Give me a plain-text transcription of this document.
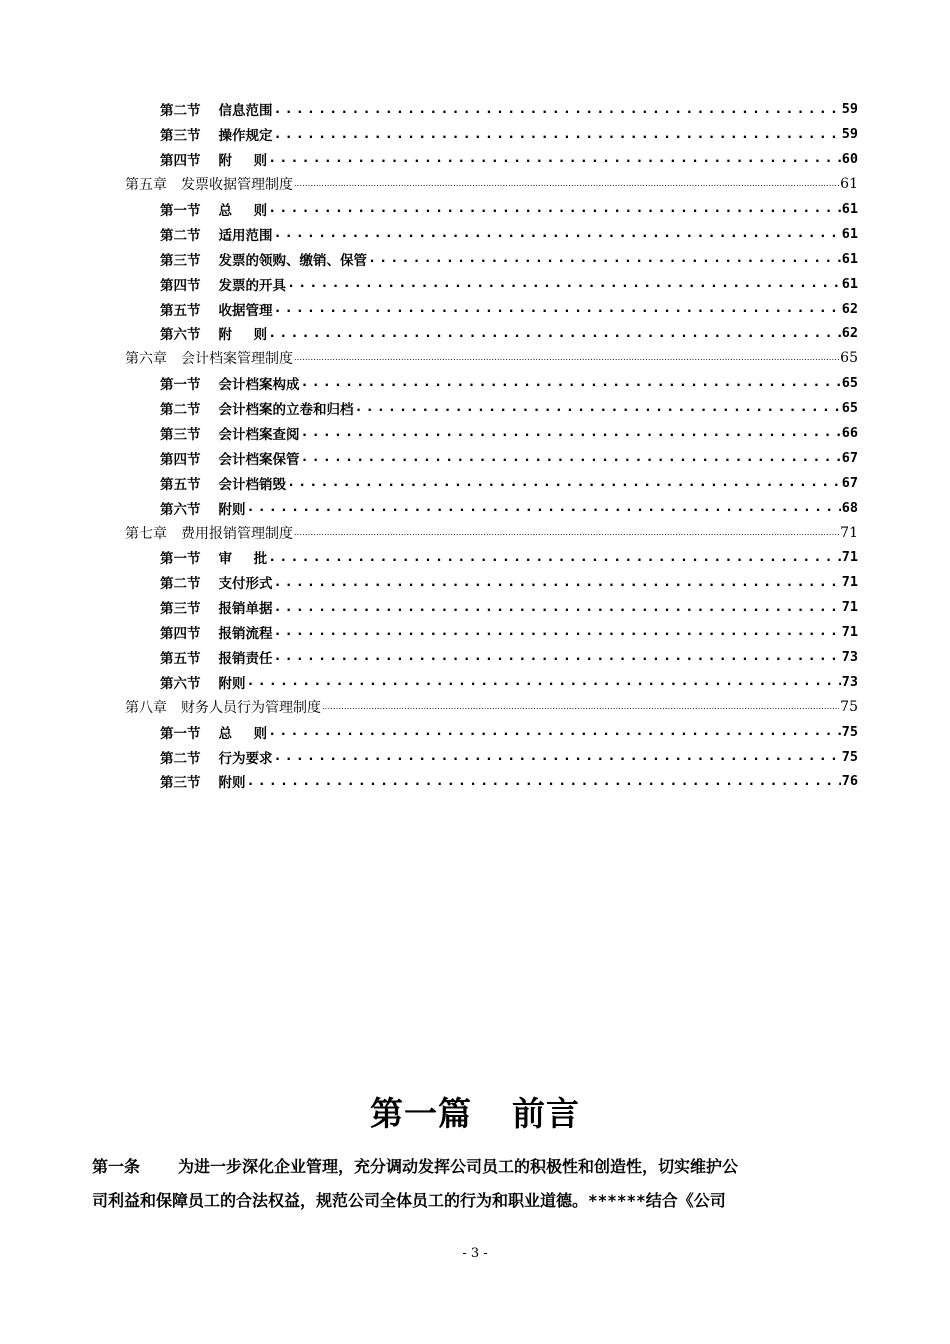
第二节 信息范围 .....	59
第三节 操作规定 .....	59
第四节 附　 则 .....	60
第五章 发票收据管理制度 .....	61
第一节 总　 则 .....	61
第二节 适用范围 .....	61
第三节 发票的领购、缴销、保管 .....	61
第四节 发票的开具 .....	61
第五节 收据管理 .....	62
第六节 附　 则 .....	62
第六章 会计档案管理制度 .....	65
第一节 会计档案构成 .....	65
第二节 会计档案的立卷和归档 .....	65
第三节 会计档案查阅 .....	66
第四节 会计档案保管 .....	67
第五节 会计档销毁 .....	67
第六节 附则 .....	68
第七章 费用报销管理制度 .....	71
第一节 审　 批 .....	71
第二节 支付形式 .....	71
第三节 报销单据 .....	71
第四节 报销流程 .....	71
第五节 报销责任 .....	73
第六节 附则 .....	73
第八章 财务人员行为管理制度 .....	75
第一节 总　 则 .....	75
第二节 行为要求 .....	75
第三节 附则 .....	76
第一篇 前言
第一条 为进一步深化企业管理，充分调动发挥公司员工的积极性和创造性，切实维护公
司利益和保障员工的合法权益，规范公司全体员工的行为和职业道德。******结合《公司
- 3 -
